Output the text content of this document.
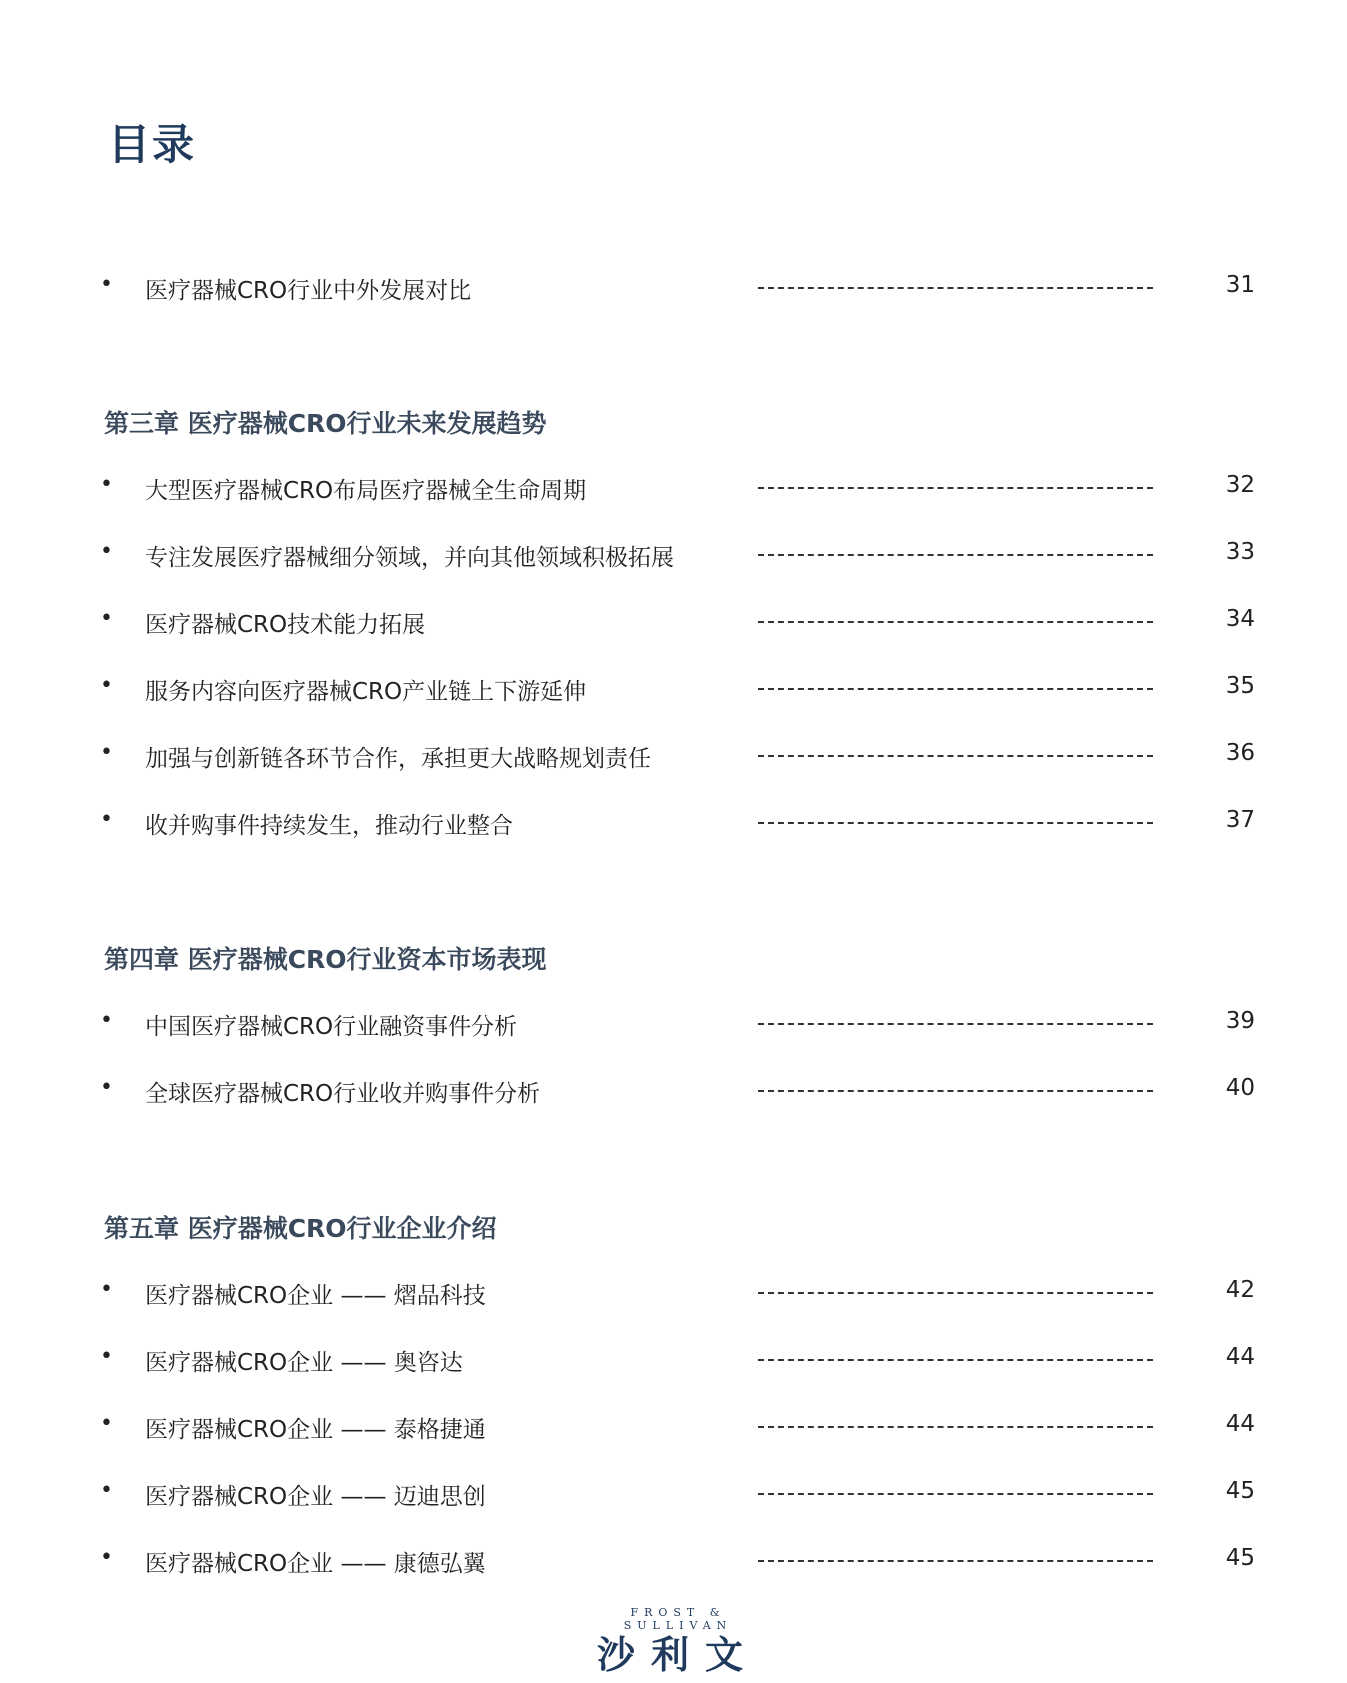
目录
• 医疗器械CRO行业中外发展对比	31
第三章 医疗器械CRO行业未来发展趋势
• 大型医疗器械CRO布局医疗器械全生命周期	32
• 专注发展医疗器械细分领域，并向其他领域积极拓展	33
• 医疗器械CRO技术能力拓展	34
• 服务内容向医疗器械CRO产业链上下游延伸	35
• 加强与创新链各环节合作，承担更大战略规划责任	36
• 收并购事件持续发生，推动行业整合	37
第四章 医疗器械CRO行业资本市场表现
• 中国医疗器械CRO行业融资事件分析	39
• 全球医疗器械CRO行业收并购事件分析	40
第五章 医疗器械CRO行业企业介绍
• 医疗器械CRO企业 —— 熠品科技	42
• 医疗器械CRO企业 —— 奥咨达	44
• 医疗器械CRO企业 —— 泰格捷通	44
• 医疗器械CRO企业 —— 迈迪思创	45
• 医疗器械CRO企业 —— 康德弘翼	45
FROST & SULLIVAN
沙利文
